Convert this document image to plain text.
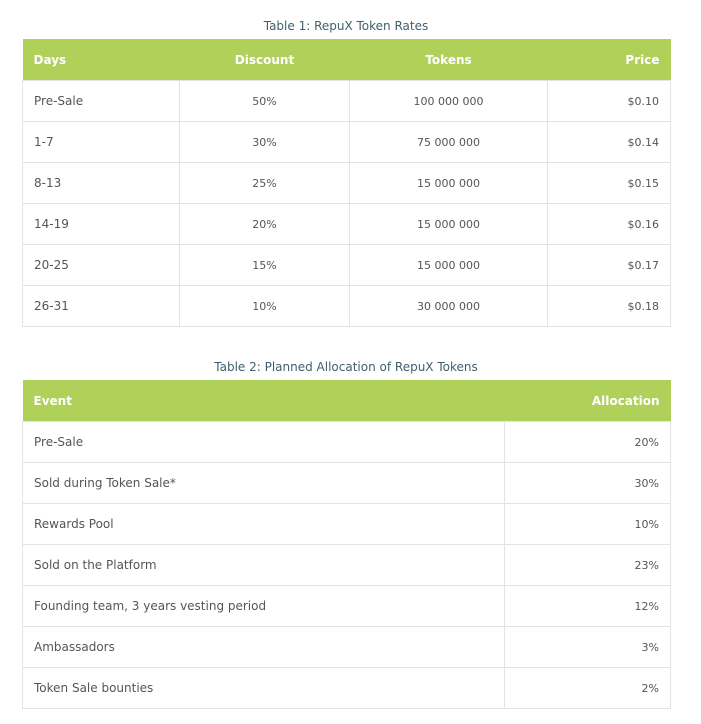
Table 1: RepuX Token Rates
Days	Discount	Tokens	Price
Pre-Sale	50%	100 000 000	$0.10
1-7	30%	75 000 000	$0.14
8-13	25%	15 000 000	$0.15
14-19	20%	15 000 000	$0.16
20-25	15%	15 000 000	$0.17
26-31	10%	30 000 000	$0.18
Table 2: Planned Allocation of RepuX Tokens
Event	Allocation
Pre-Sale	20%
Sold during Token Sale*	30%
Rewards Pool	10%
Sold on the Platform	23%
Founding team, 3 years vesting period	12%
Ambassadors	3%
Token Sale bounties	2%
